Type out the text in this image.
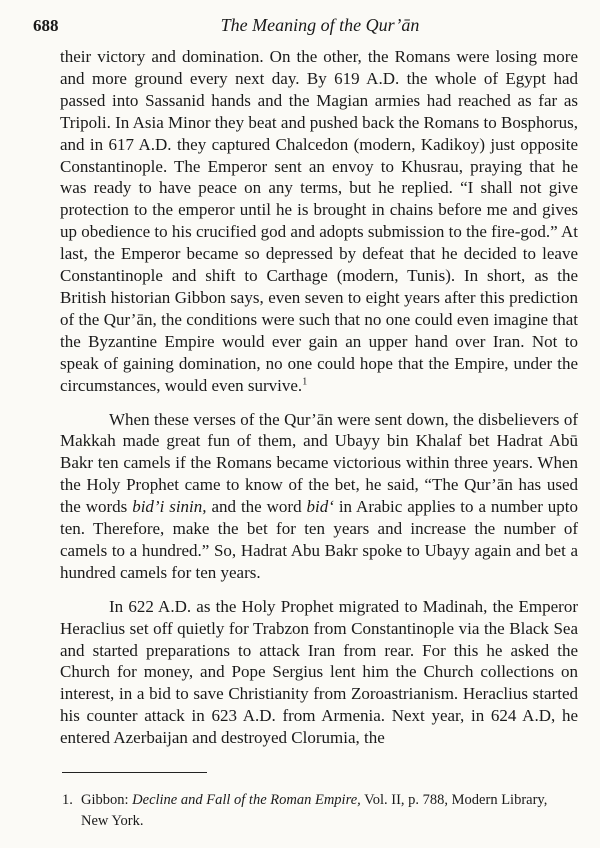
688	The Meaning of the Qur’ān

their victory and domination. On the other, the Romans were losing more and more ground every next day. By 619 A.D. the whole of Egypt had passed into Sassanid hands and the Magian armies had reached as far as Tripoli. In Asia Minor they beat and pushed back the Romans to Bosphorus, and in 617 A.D. they captured Chalcedon (modern, Kadikoy) just opposite Constantinople. The Emperor sent an envoy to Khusrau, praying that he was ready to have peace on any terms, but he replied. “I shall not give protection to the emperor until he is brought in chains before me and gives up obedience to his crucified god and adopts submission to the fire-god.” At last, the Emperor became so depressed by defeat that he decided to leave Constantinople and shift to Carthage (modern, Tunis). In short, as the British historian Gibbon says, even seven to eight years after this prediction of the Qur’ān, the conditions were such that no one could even imagine that the Byzantine Empire would ever gain an upper hand over Iran. Not to speak of gaining domination, no one could hope that the Empire, under the circumstances, would even survive.$^1$

When these verses of the Qur’ān were sent down, the disbelievers of Makkah made great fun of them, and Ubayy bin Khalaf bet Hadrat Abū Bakr ten camels if the Romans became victorious within three years. When the Holy Prophet came to know of the bet, he said, “The Qur’ān has used the words bid’i sinin, and the word bid‘ in Arabic applies to a number upto ten. Therefore, make the bet for ten years and increase the number of camels to a hundred.” So, Hadrat Abu Bakr spoke to Ubayy again and bet a hundred camels for ten years.

In 622 A.D. as the Holy Prophet migrated to Madinah, the Emperor Heraclius set off quietly for Trabzon from Constantinople via the Black Sea and started preparations to attack Iran from rear. For this he asked the Church for money, and Pope Sergius lent him the Church collections on interest, in a bid to save Christianity from Zoroastrianism. Heraclius started his counter attack in 623 A.D. from Armenia. Next year, in 624 A.D, he entered Azerbaijan and destroyed Clorumia, the

1. Gibbon: Decline and Fall of the Roman Empire, Vol. II, p. 788, Modern Library, New York.
